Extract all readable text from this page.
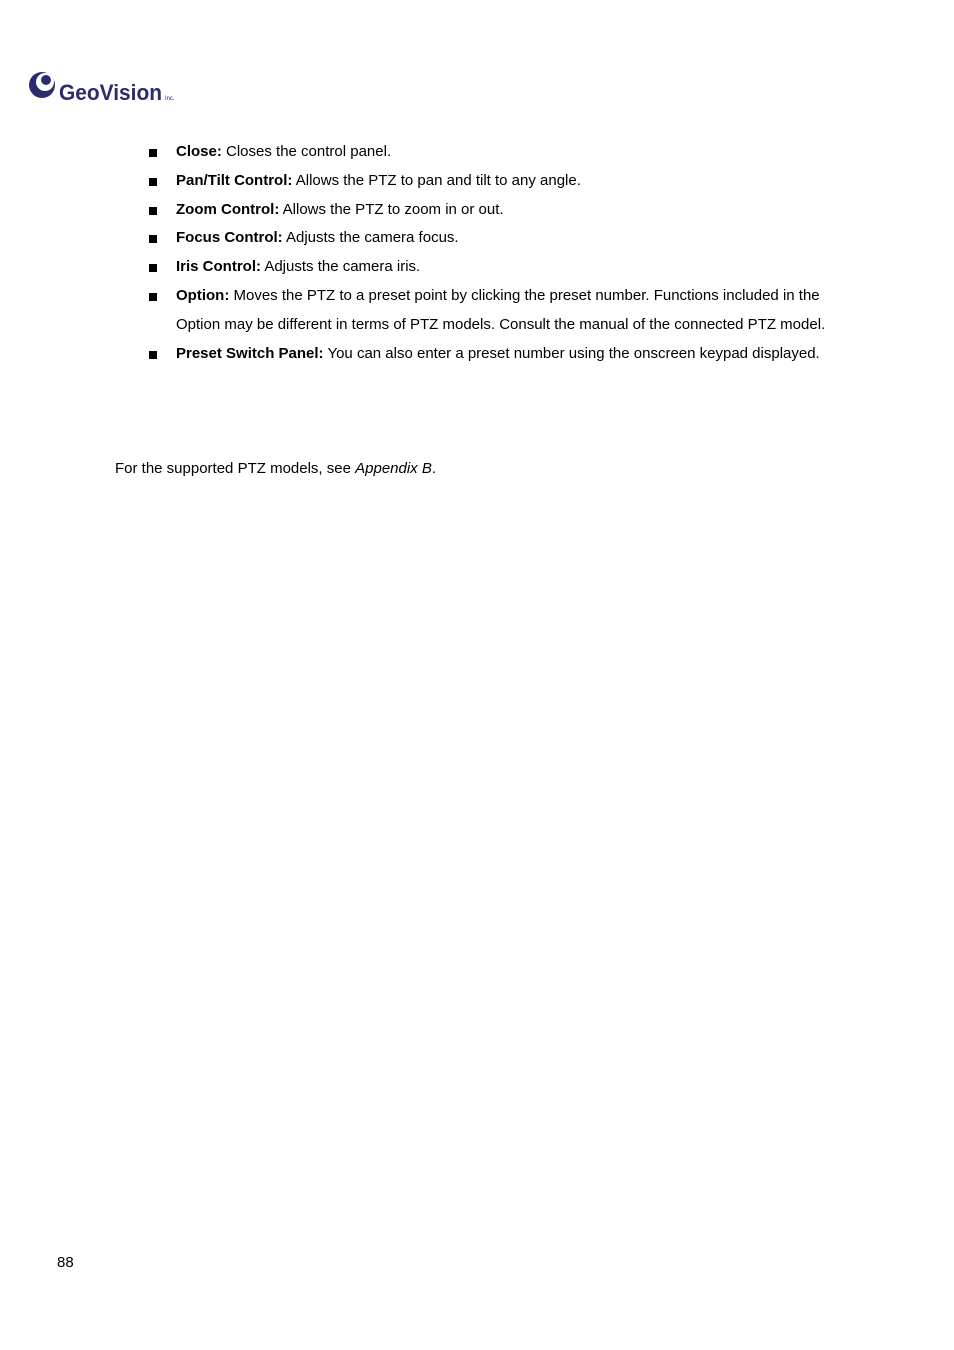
GeoVision Inc.
Close: Closes the control panel.
Pan/Tilt Control: Allows the PTZ to pan and tilt to any angle.
Zoom Control: Allows the PTZ to zoom in or out.
Focus Control: Adjusts the camera focus.
Iris Control: Adjusts the camera iris.
Option: Moves the PTZ to a preset point by clicking the preset number. Functions included in the Option may be different in terms of PTZ models. Consult the manual of the connected PTZ model.
Preset Switch Panel: You can also enter a preset number using the onscreen keypad displayed.

For the supported PTZ models, see Appendix B.

88
